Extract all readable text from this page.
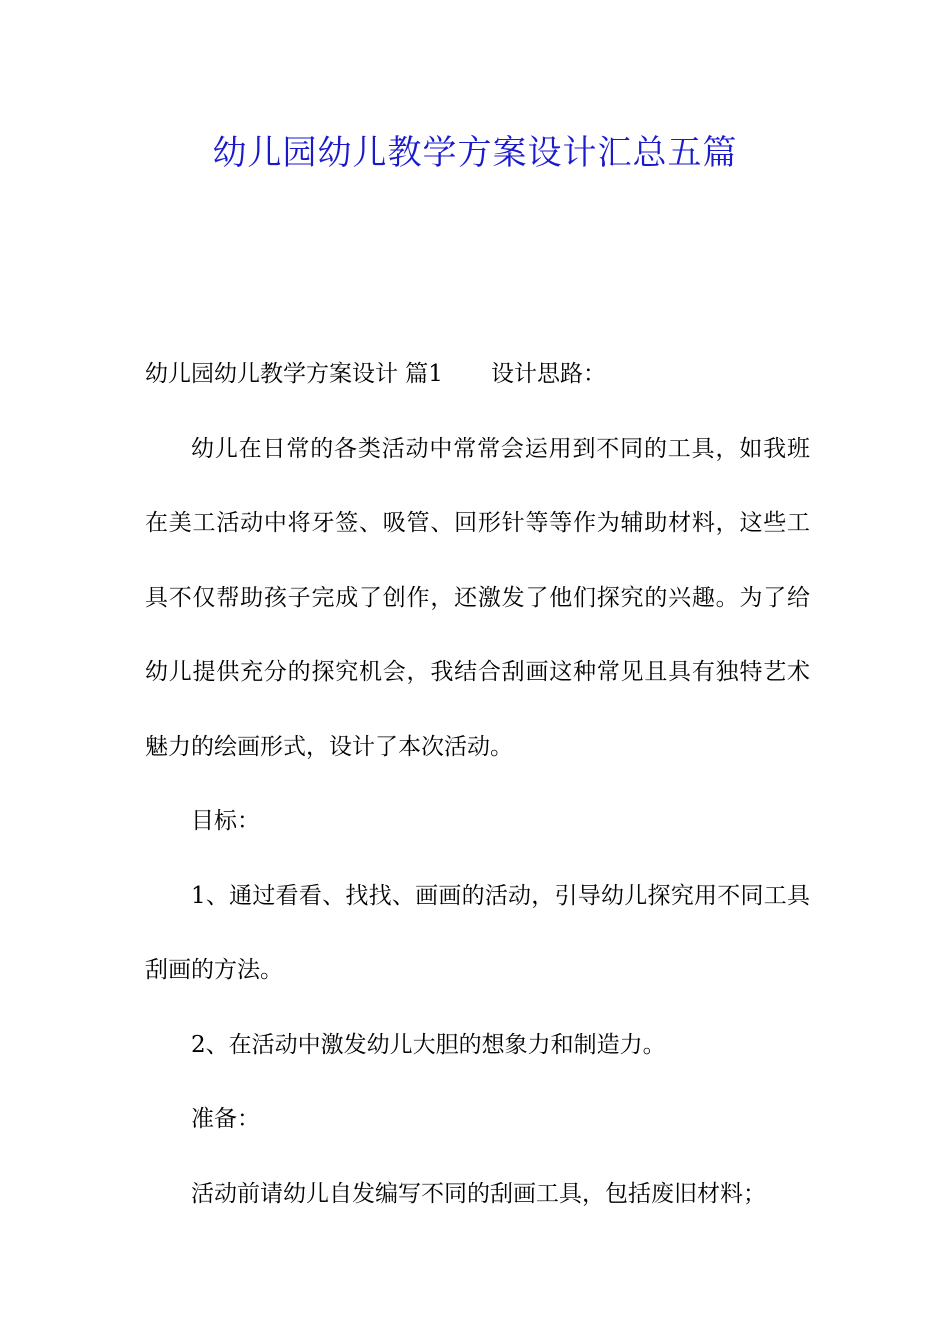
幼儿园幼儿教学方案设计汇总五篇

幼儿园幼儿教学方案设计 篇1 设计思路：

幼儿在日常的各类活动中常常会运用到不同的工具，如我班在美工活动中将牙签、吸管、回形针等等作为辅助材料，这些工具不仅帮助孩子完成了创作，还激发了他们探究的兴趣。为了给幼儿提供充分的探究机会，我结合刮画这种常见且具有独特艺术魅力的绘画形式，设计了本次活动。

目标：

1、通过看看、找找、画画的活动，引导幼儿探究用不同工具刮画的方法。

2、在活动中激发幼儿大胆的想象力和制造力。

准备：

活动前请幼儿自发编写不同的刮画工具，包括废旧材料；
